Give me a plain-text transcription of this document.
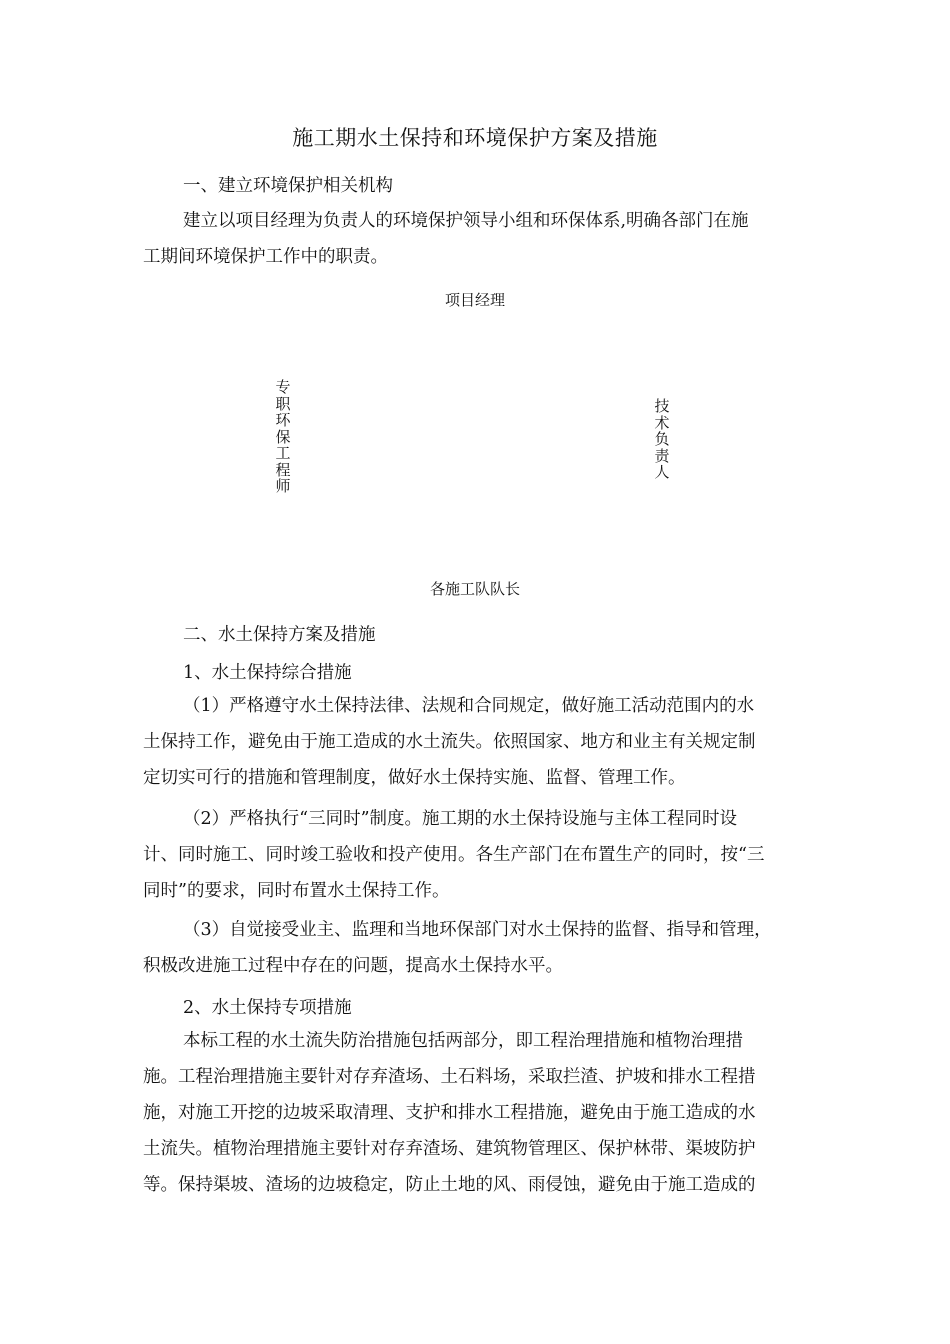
施工期水土保持和环境保护方案及措施
一、建立环境保护相关机构
建立以项目经理为负责人的环境保护领导小组和环保体系,明确各部门在施
工期间环境保护工作中的职责。
项目经理
专职环保工程师
技术负责人
各施工队队长
二、水土保持方案及措施
1、水土保持综合措施
（1）严格遵守水土保持法律、法规和合同规定，做好施工活动范围内的水
土保持工作，避免由于施工造成的水土流失。依照国家、地方和业主有关规定制
定切实可行的措施和管理制度，做好水土保持实施、监督、管理工作。
（2）严格执行“三同时”制度。施工期的水土保持设施与主体工程同时设
计、同时施工、同时竣工验收和投产使用。各生产部门在布置生产的同时，按“三
同时”的要求，同时布置水土保持工作。
（3）自觉接受业主、监理和当地环保部门对水土保持的监督、指导和管理，
积极改进施工过程中存在的问题，提高水土保持水平。
2、水土保持专项措施
本标工程的水土流失防治措施包括两部分，即工程治理措施和植物治理措
施。工程治理措施主要针对存弃渣场、土石料场，采取拦渣、护坡和排水工程措
施，对施工开挖的边坡采取清理、支护和排水工程措施，避免由于施工造成的水
土流失。植物治理措施主要针对存弃渣场、建筑物管理区、保护林带、渠坡防护
等。保持渠坡、渣场的边坡稳定，防止土地的风、雨侵蚀，避免由于施工造成的
